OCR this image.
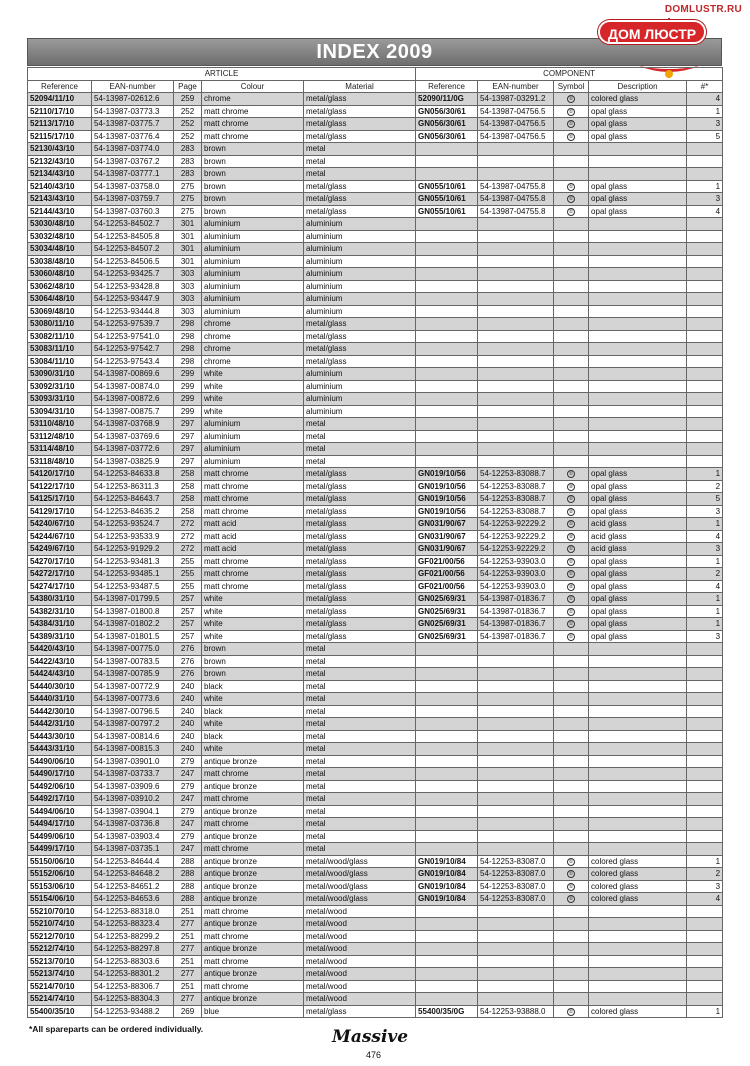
DOMLUSTR.RU
ДОМ ЛЮСТР
INDEX 2009
ARTICLE					COMPONENT				
Reference	EAN-number	Page	Colour	Material	Reference	EAN-number	Symbol	Description	#*
52094/11/10	54-13987-02612.6	259	chrome	metal/glass	52090/11/0G	54-13987-03291.2	①	colored glass	4
52110/17/10	54-13987-03773.3	252	matt chrome	metal/glass	GN056/30/61	54-13987-04756.5	①	opal glass	1
52113/17/10	54-13987-03775.7	252	matt chrome	metal/glass	GN056/30/61	54-13987-04756.5	①	opal glass	3
52115/17/10	54-13987-03776.4	252	matt chrome	metal/glass	GN056/30/61	54-13987-04756.5	①	opal glass	5
52130/43/10	54-13987-03774.0	283	brown	metal					
52132/43/10	54-13987-03767.2	283	brown	metal					
52134/43/10	54-13987-03777.1	283	brown	metal					
52140/43/10	54-13987-03758.0	275	brown	metal/glass	GN055/10/61	54-13987-04755.8	①	opal glass	1
52143/43/10	54-13987-03759.7	275	brown	metal/glass	GN055/10/61	54-13987-04755.8	①	opal glass	3
52144/43/10	54-13987-03760.3	275	brown	metal/glass	GN055/10/61	54-13987-04755.8	①	opal glass	4
53030/48/10	54-12253-84502.7	301	aluminium	aluminium					
53032/48/10	54-12253-84505.8	301	aluminium	aluminium					
53034/48/10	54-12253-84507.2	301	aluminium	aluminium					
53038/48/10	54-12253-84506.5	301	aluminium	aluminium					
53060/48/10	54-12253-93425.7	303	aluminium	aluminium					
53062/48/10	54-12253-93428.8	303	aluminium	aluminium					
53064/48/10	54-12253-93447.9	303	aluminium	aluminium					
53069/48/10	54-12253-93444.8	303	aluminium	aluminium					
53080/11/10	54-12253-97539.7	298	chrome	metal/glass					
53082/11/10	54-12253-97541.0	298	chrome	metal/glass					
53083/11/10	54-12253-97542.7	298	chrome	metal/glass					
53084/11/10	54-12253-97543.4	298	chrome	metal/glass					
53090/31/10	54-13987-00869.6	299	white	aluminium					
53092/31/10	54-13987-00874.0	299	white	aluminium					
53093/31/10	54-13987-00872.6	299	white	aluminium					
53094/31/10	54-13987-00875.7	299	white	aluminium					
53110/48/10	54-13987-03768.9	297	aluminium	metal					
53112/48/10	54-13987-03769.6	297	aluminium	metal					
53114/48/10	54-13987-03772.6	297	aluminium	metal					
53118/48/10	54-13987-03825.9	297	aluminium	metal					
54120/17/10	54-12253-84633.8	258	matt chrome	metal/glass	GN019/10/56	54-12253-83088.7	①	opal glass	1
54122/17/10	54-12253-86311.3	258	matt chrome	metal/glass	GN019/10/56	54-12253-83088.7	②	opal glass	2
54125/17/10	54-12253-84643.7	258	matt chrome	metal/glass	GN019/10/56	54-12253-83088.7	①	opal glass	5
54129/17/10	54-12253-84635.2	258	matt chrome	metal/glass	GN019/10/56	54-12253-83088.7	②	opal glass	3
54240/67/10	54-12253-93524.7	272	matt acid	metal/glass	GN031/90/67	54-12253-92229.2	①	acid glass	1
54244/67/10	54-12253-93533.9	272	matt acid	metal/glass	GN031/90/67	54-12253-92229.2	②	acid glass	4
54249/67/10	54-12253-91929.2	272	matt acid	metal/glass	GN031/90/67	54-12253-92229.2	①	acid glass	3
54270/17/10	54-12253-93481.3	255	matt chrome	metal/glass	GF021/00/56	54-12253-93903.0	①	opal glass	1
54272/17/10	54-12253-93485.1	255	matt chrome	metal/glass	GF021/00/56	54-12253-93903.0	①	opal glass	2
54274/17/10	54-12253-93487.5	255	matt chrome	metal/glass	GF021/00/56	54-12253-93903.0	②	opal glass	4
54380/31/10	54-13987-01799.5	257	white	metal/glass	GN025/69/31	54-13987-01836.7	①	opal glass	1
54382/31/10	54-13987-01800.8	257	white	metal/glass	GN025/69/31	54-13987-01836.7	①	opal glass	1
54384/31/10	54-13987-01802.2	257	white	metal/glass	GN025/69/31	54-13987-01836.7	①	opal glass	1
54389/31/10	54-13987-01801.5	257	white	metal/glass	GN025/69/31	54-13987-01836.7	①	opal glass	3
54420/43/10	54-13987-00775.0	276	brown	metal					
54422/43/10	54-13987-00783.5	276	brown	metal					
54424/43/10	54-13987-00785.9	276	brown	metal					
54440/30/10	54-13987-00772.9	240	black	metal					
54440/31/10	54-13987-00773.6	240	white	metal					
54442/30/10	54-13987-00796.5	240	black	metal					
54442/31/10	54-13987-00797.2	240	white	metal					
54443/30/10	54-13987-00814.6	240	black	metal					
54443/31/10	54-13987-00815.3	240	white	metal					
54490/06/10	54-13987-03901.0	279	antique bronze	metal					
54490/17/10	54-13987-03733.7	247	matt chrome	metal					
54492/06/10	54-13987-03909.6	279	antique bronze	metal					
54492/17/10	54-13987-03910.2	247	matt chrome	metal					
54494/06/10	54-13987-03904.1	279	antique bronze	metal					
54494/17/10	54-13987-03736.8	247	matt chrome	metal					
54499/06/10	54-13987-03903.4	279	antique bronze	metal					
54499/17/10	54-13987-03735.1	247	matt chrome	metal					
55150/06/10	54-12253-84644.4	288	antique bronze	metal/wood/glass	GN019/10/84	54-12253-83087.0	①	colored glass	1
55152/06/10	54-12253-84648.2	288	antique bronze	metal/wood/glass	GN019/10/84	54-12253-83087.0	①	colored glass	2
55153/06/10	54-12253-84651.2	288	antique bronze	metal/wood/glass	GN019/10/84	54-12253-83087.0	①	colored glass	3
55154/06/10	54-12253-84653.6	288	antique bronze	metal/wood/glass	GN019/10/84	54-12253-83087.0	①	colored glass	4
55210/70/10	54-12253-88318.0	251	matt chrome	metal/wood					
55210/74/10	54-12253-88323.4	277	antique bronze	metal/wood					
55212/70/10	54-12253-88299.2	251	matt chrome	metal/wood					
55212/74/10	54-12253-88297.8	277	antique bronze	metal/wood					
55213/70/10	54-12253-88303.6	251	matt chrome	metal/wood					
55213/74/10	54-12253-88301.2	277	antique bronze	metal/wood					
55214/70/10	54-12253-88306.7	251	matt chrome	metal/wood					
55214/74/10	54-12253-88304.3	277	antique bronze	metal/wood					
55400/35/10	54-12253-93488.2	269	blue	metal/glass	55400/35/0G	54-12253-93888.0	①	colored glass	1
*All spareparts can be ordered individually.	Massive
476
